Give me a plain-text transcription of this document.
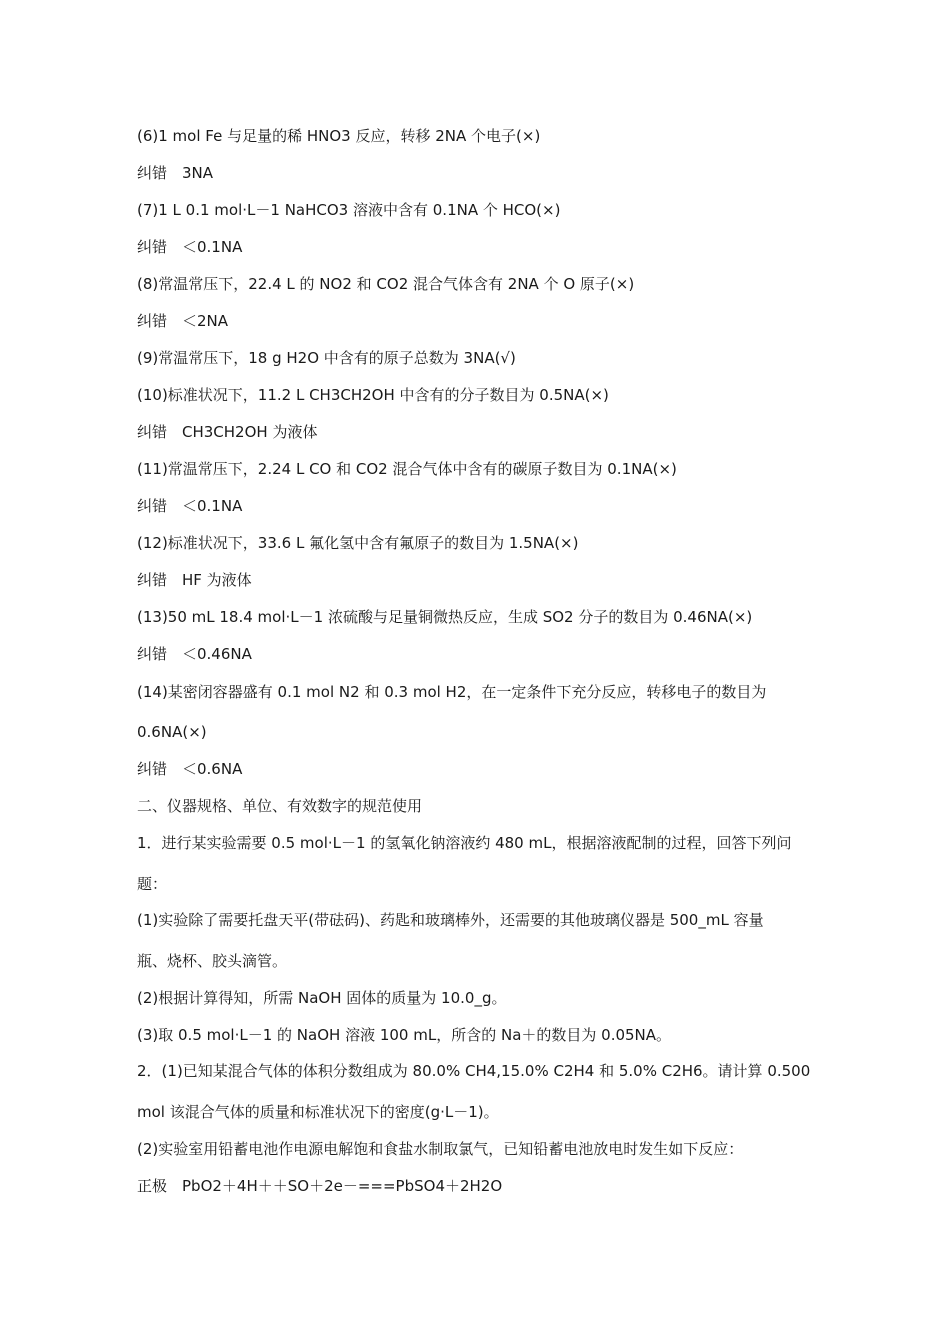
(6)1 mol Fe 与足量的稀 HNO3 反应，转移 2NA 个电子(×)
纠错　3NA
(7)1 L 0.1 mol·L－1 NaHCO3 溶液中含有 0.1NA 个 HCO(×)
纠错　＜0.1NA
(8)常温常压下，22.4 L 的 NO2 和 CO2 混合气体含有 2NA 个 O 原子(×)
纠错　＜2NA
(9)常温常压下，18 g H2O 中含有的原子总数为 3NA(√)
(10)标准状况下，11.2 L CH3CH2OH 中含有的分子数目为 0.5NA(×)
纠错　CH3CH2OH 为液体
(11)常温常压下，2.24 L CO 和 CO2 混合气体中含有的碳原子数目为 0.1NA(×)
纠错　＜0.1NA
(12)标准状况下，33.6 L 氟化氢中含有氟原子的数目为 1.5NA(×)
纠错　HF 为液体
(13)50 mL 18.4 mol·L－1 浓硫酸与足量铜微热反应，生成 SO2 分子的数目为 0.46NA(×)
纠错　＜0.46NA
(14)某密闭容器盛有 0.1 mol N2 和 0.3 mol H2，在一定条件下充分反应，转移电子的数目为
0.6NA(×)
纠错　＜0.6NA
二、仪器规格、单位、有效数字的规范使用
1．进行某实验需要 0.5 mol·L－1 的氢氧化钠溶液约 480 mL，根据溶液配制的过程，回答下列问
题：
(1)实验除了需要托盘天平(带砝码)、药匙和玻璃棒外，还需要的其他玻璃仪器是 500_mL 容量
瓶、烧杯、胶头滴管。
(2)根据计算得知，所需 NaOH 固体的质量为 10.0_g。
(3)取 0.5 mol·L－1 的 NaOH 溶液 100 mL，所含的 Na＋的数目为 0.05NA。
2．(1)已知某混合气体的体积分数组成为 80.0% CH4,15.0% C2H4 和 5.0% C2H6。请计算 0.500
mol 该混合气体的质量和标准状况下的密度(g·L－1)。
(2)实验室用铅蓄电池作电源电解饱和食盐水制取氯气，已知铅蓄电池放电时发生如下反应：
正极　PbO2＋4H＋＋SO＋2e－===PbSO4＋2H2O
